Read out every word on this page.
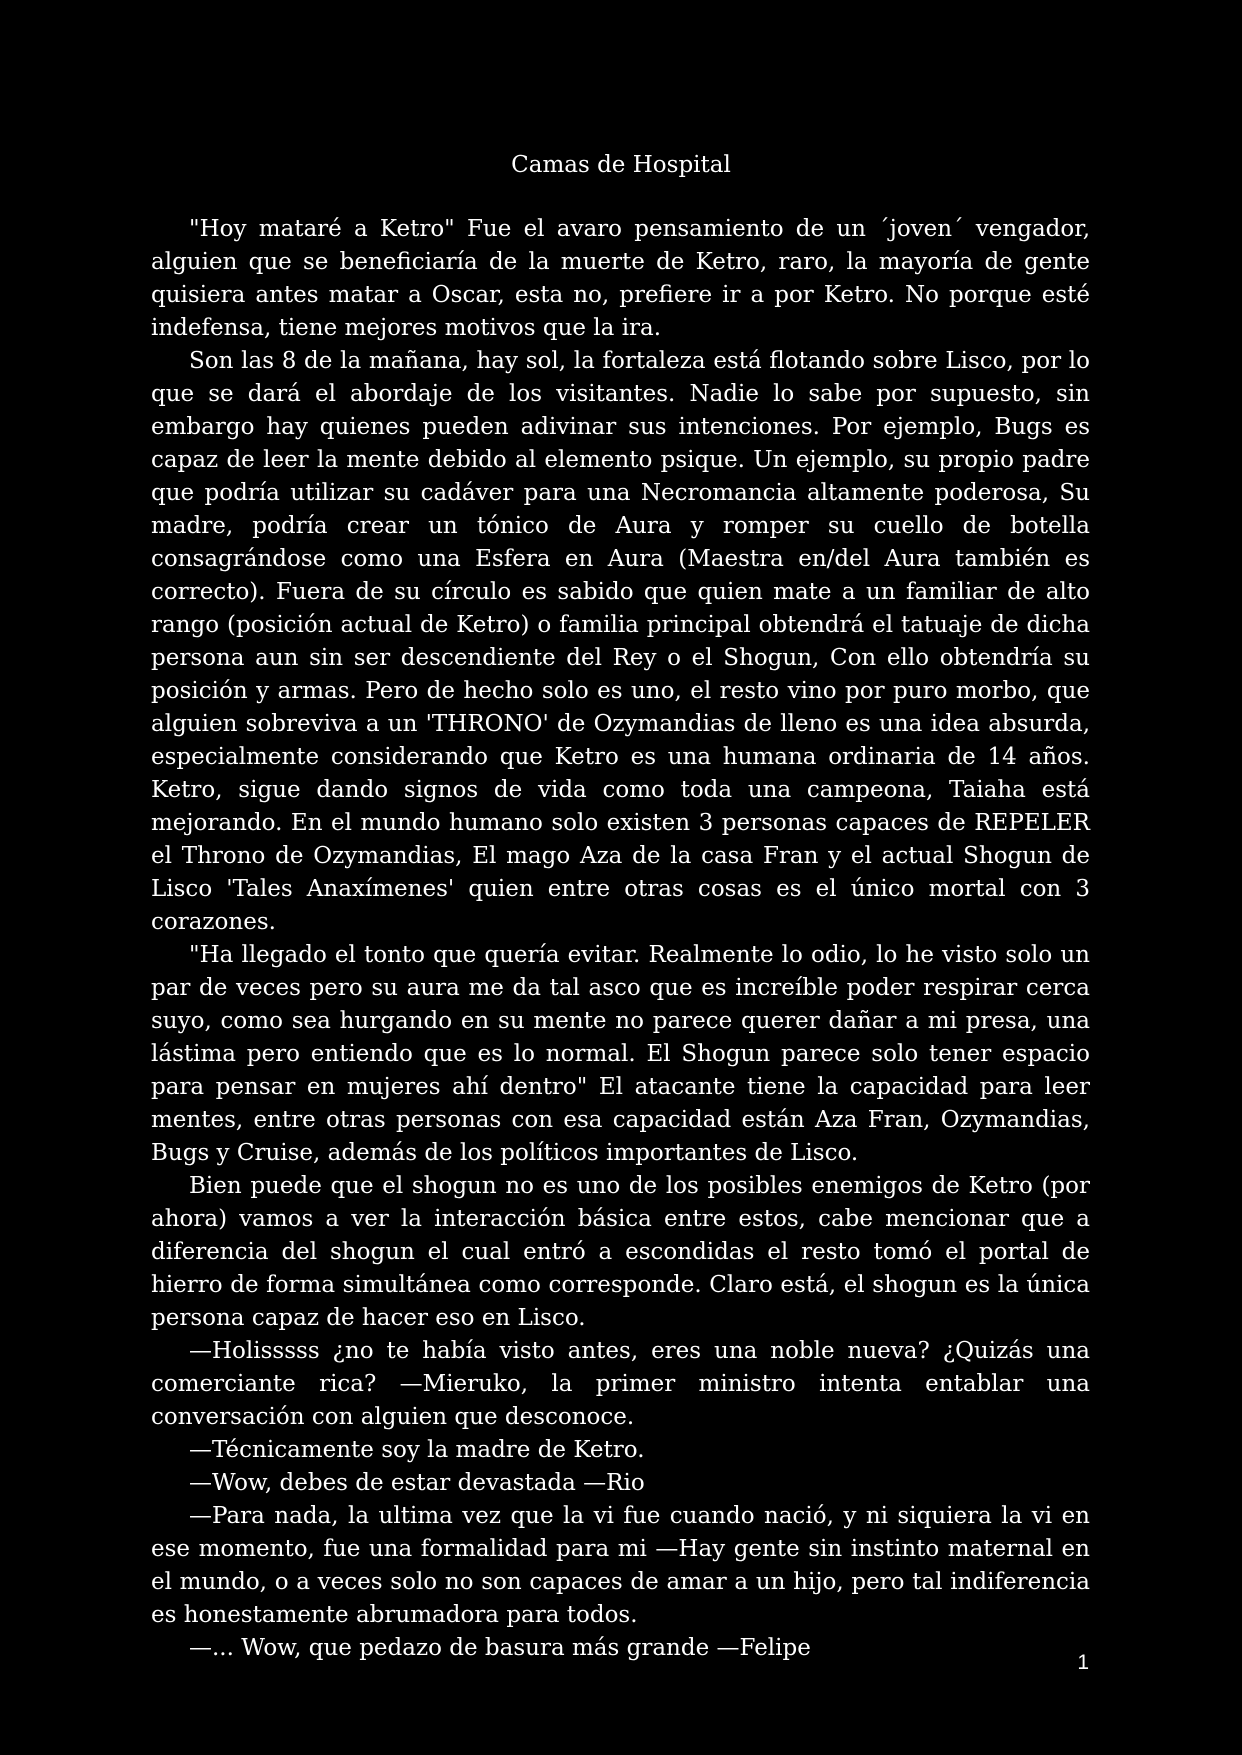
Camas de Hospital

"Hoy mataré a Ketro" Fue el avaro pensamiento de un ´joven´ vengador, alguien que se beneficiaría de la muerte de Ketro, raro, la mayoría de gente quisiera antes matar a Oscar, esta no, prefiere ir a por Ketro. No porque esté indefensa, tiene mejores motivos que la ira.

Son las 8 de la mañana, hay sol, la fortaleza está flotando sobre Lisco, por lo que se dará el abordaje de los visitantes. Nadie lo sabe por supuesto, sin embargo hay quienes pueden adivinar sus intenciones. Por ejemplo, Bugs es capaz de leer la mente debido al elemento psique. Un ejemplo, su propio padre que podría utilizar su cadáver para una Necromancia altamente poderosa, Su madre, podría crear un tónico de Aura y romper su cuello de botella consagrándose como una Esfera en Aura (Maestra en/del Aura también es correcto). Fuera de su círculo es sabido que quien mate a un familiar de alto rango (posición actual de Ketro) o familia principal obtendrá el tatuaje de dicha persona aun sin ser descendiente del Rey o el Shogun, Con ello obtendría su posición y armas. Pero de hecho solo es uno, el resto vino por puro morbo, que alguien sobreviva a un 'THRONO' de Ozymandias de lleno es una idea absurda, especialmente considerando que Ketro es una humana ordinaria de 14 años. Ketro, sigue dando signos de vida como toda una campeona, Taiaha está mejorando. En el mundo humano solo existen 3 personas capaces de REPELER el Throno de Ozymandias, El mago Aza de la casa Fran y el actual Shogun de Lisco 'Tales Anaxímenes' quien entre otras cosas es el único mortal con 3 corazones.

"Ha llegado el tonto que quería evitar. Realmente lo odio, lo he visto solo un par de veces pero su aura me da tal asco que es increíble poder respirar cerca suyo, como sea hurgando en su mente no parece querer dañar a mi presa, una lástima pero entiendo que es lo normal. El Shogun parece solo tener espacio para pensar en mujeres ahí dentro" El atacante tiene la capacidad para leer mentes, entre otras personas con esa capacidad están Aza Fran, Ozymandias, Bugs y Cruise, además de los políticos importantes de Lisco.

Bien puede que el shogun no es uno de los posibles enemigos de Ketro (por ahora) vamos a ver la interacción básica entre estos, cabe mencionar que a diferencia del shogun el cual entró a escondidas el resto tomó el portal de hierro de forma simultánea como corresponde. Claro está, el shogun es la única persona capaz de hacer eso en Lisco.

—Holisssss ¿no te había visto antes, eres una noble nueva? ¿Quizás una comerciante rica? —Mieruko, la primer ministro intenta entablar una conversación con alguien que desconoce.

—Técnicamente soy la madre de Ketro.

—Wow, debes de estar devastada —Rio

—Para nada, la ultima vez que la vi fue cuando nació, y ni siquiera la vi en ese momento, fue una formalidad para mi —Hay gente sin instinto maternal en el mundo, o a veces solo no son capaces de amar a un hijo, pero tal indiferencia es honestamente abrumadora para todos.

—... Wow, que pedazo de basura más grande —Felipe

1
